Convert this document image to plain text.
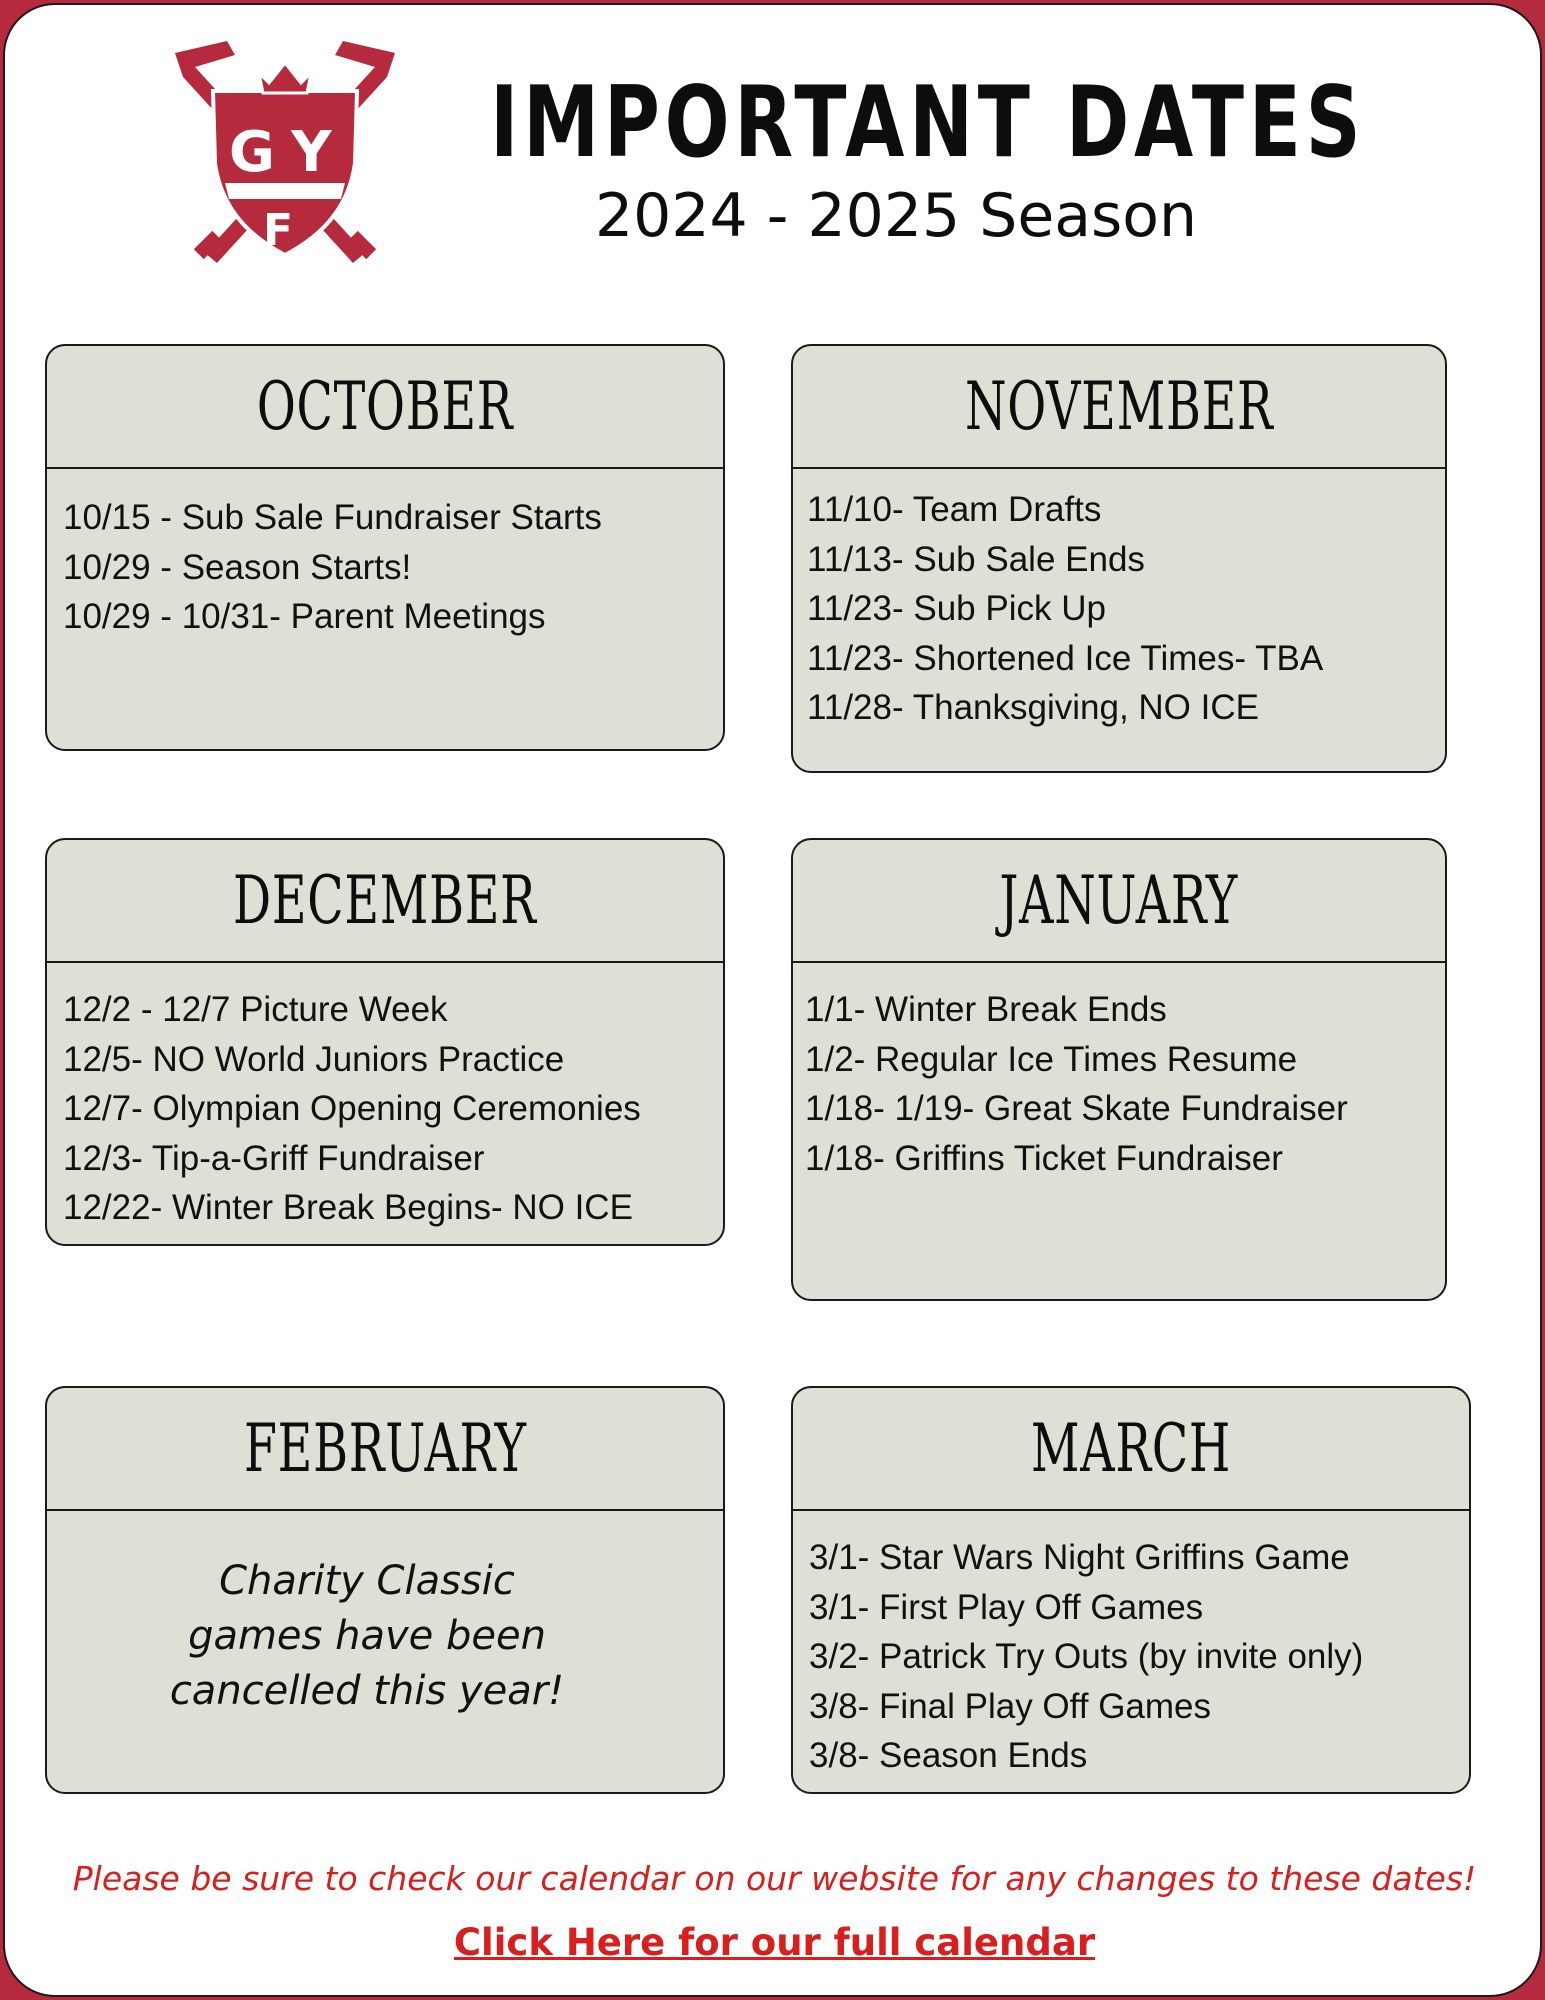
G Y
F
IMPORTANT DATES
2024 - 2025 Season
OCTOBER
10/15 - Sub Sale Fundraiser Starts
10/29 - Season Starts!
10/29 - 10/31- Parent Meetings
NOVEMBER
11/10- Team Drafts
11/13- Sub Sale Ends
11/23- Sub Pick Up
11/23- Shortened Ice Times- TBA
11/28- Thanksgiving, NO ICE
DECEMBER
12/2 - 12/7 Picture Week
12/5- NO World Juniors Practice
12/7- Olympian Opening Ceremonies
12/3- Tip-a-Griff Fundraiser
12/22- Winter Break Begins- NO ICE
JANUARY
1/1- Winter Break Ends
1/2- Regular Ice Times Resume
1/18- 1/19- Great Skate Fundraiser
1/18- Griffins Ticket Fundraiser
FEBRUARY

Charity Classic
games have been
cancelled this year!

MARCH
3/1- Star Wars Night Griffins Game
3/1- First Play Off Games
3/2- Patrick Try Outs (by invite only)
3/8- Final Play Off Games
3/8- Season Ends
Please be sure to check our calendar on our website for any changes to these dates!
Click Here for our full calendar
